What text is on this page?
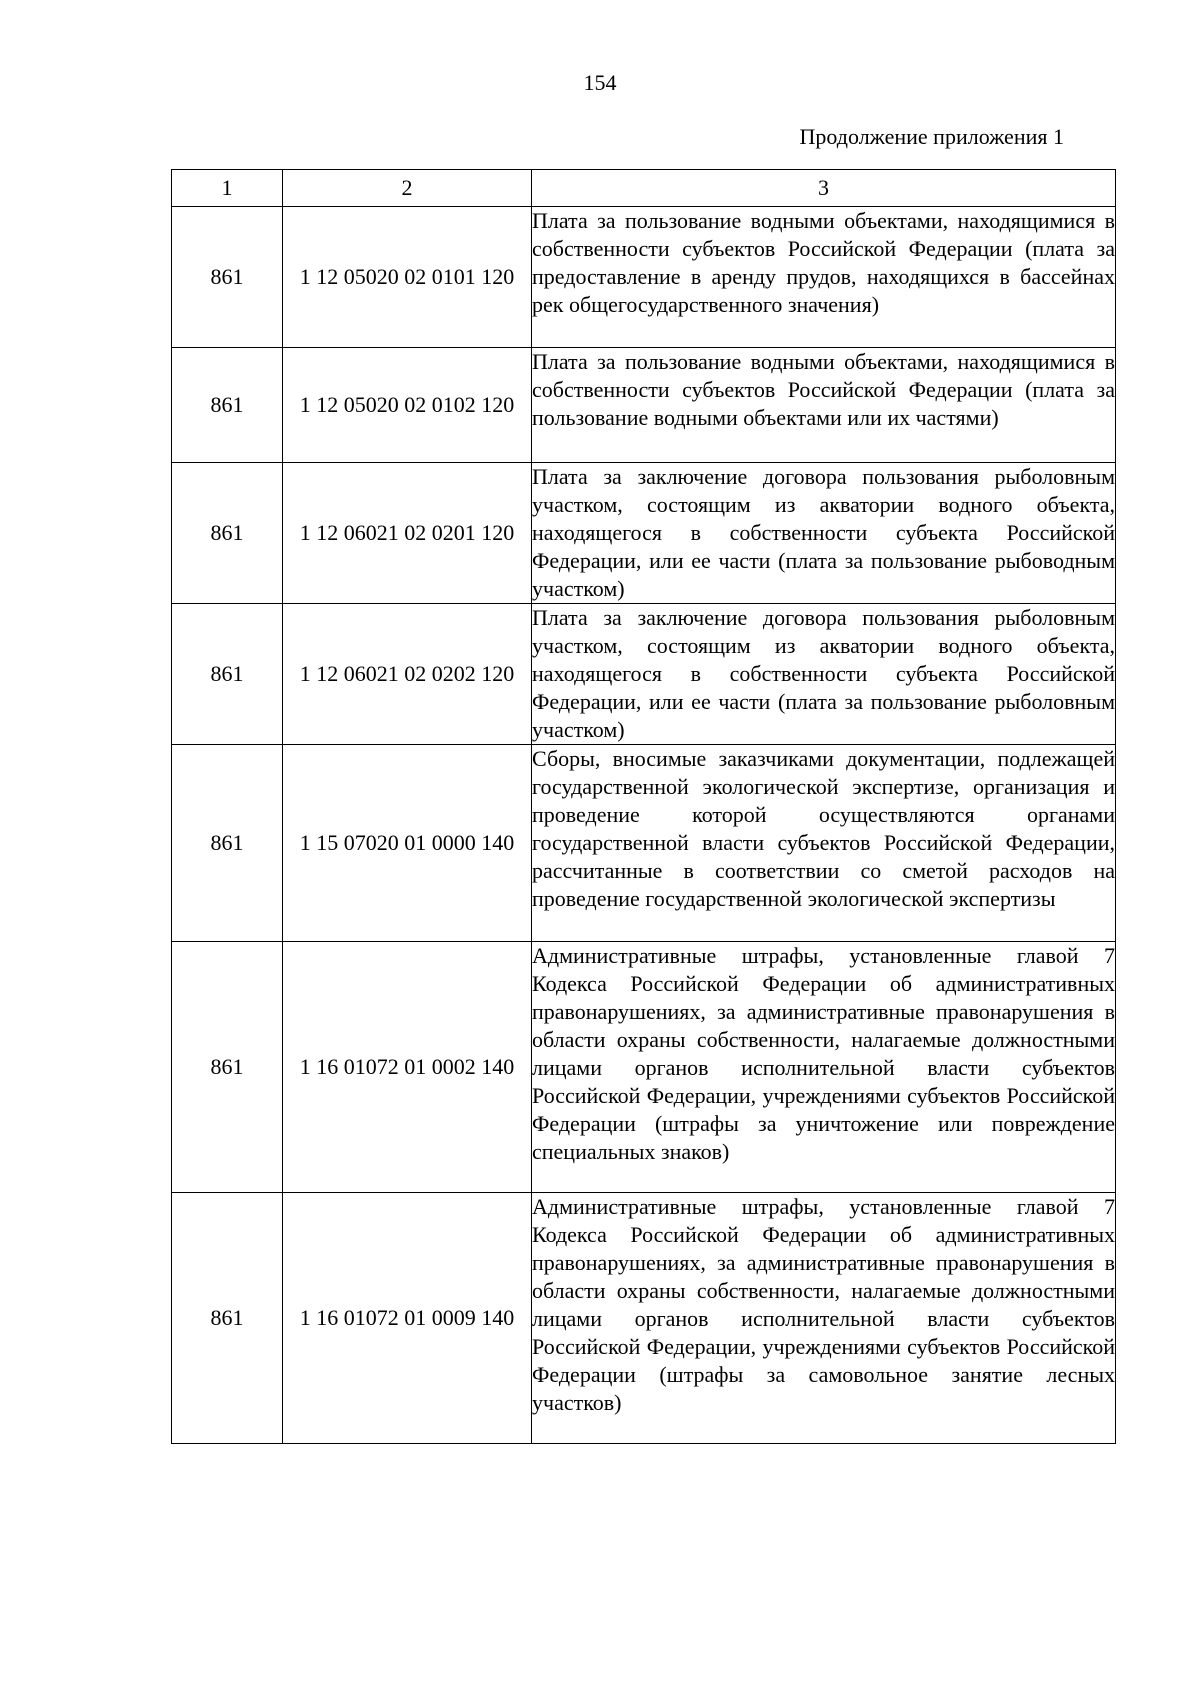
154
Продолжение приложения 1
1	2	3
861	1 12 05020 02 0101 120	Плата за пользование водными объектами, находящимися в собственности субъектов Российской Федерации (плата за предоставление в аренду прудов, находящихся в бассейнах рек общегосударственного значения)
861	1 12 05020 02 0102 120	Плата за пользование водными объектами, находящимися в собственности субъектов Российской Федерации (плата за пользование водными объектами или их частями)
861	1 12 06021 02 0201 120	Плата за заключение договора пользования рыболовным участком, состоящим из акватории водного объекта, находящегося в собственности субъекта Российской Федерации, или ее части (плата за пользование рыбоводным участком)
861	1 12 06021 02 0202 120	Плата за заключение договора пользования рыболовным участком, состоящим из акватории водного объекта, находящегося в собственности субъекта Российской Федерации, или ее части (плата за пользование рыболовным участком)
861	1 15 07020 01 0000 140	Сборы, вносимые заказчиками документации, подлежащей государственной экологической экспертизе, организация и проведение которой осуществляются органами государственной власти субъектов Российской Федерации, рассчитанные в соответствии со сметой расходов на проведение государственной экологической экспертизы
861	1 16 01072 01 0002 140	Административные штрафы, установленные главой 7 Кодекса Российской Федерации об административных правонарушениях, за административные правонарушения в области охраны собственности, налагаемые должностными лицами органов исполнительной власти субъектов Российской Федерации, учреждениями субъектов Российской Федерации (штрафы за уничтожение или повреждение специальных знаков)
861	1 16 01072 01 0009 140	Административные штрафы, установленные главой 7 Кодекса Российской Федерации об административных правонарушениях, за административные правонарушения в области охраны собственности, налагаемые должностными лицами органов исполнительной власти субъектов Российской Федерации, учреждениями субъектов Российской Федерации (штрафы за самовольное занятие лесных участков)
